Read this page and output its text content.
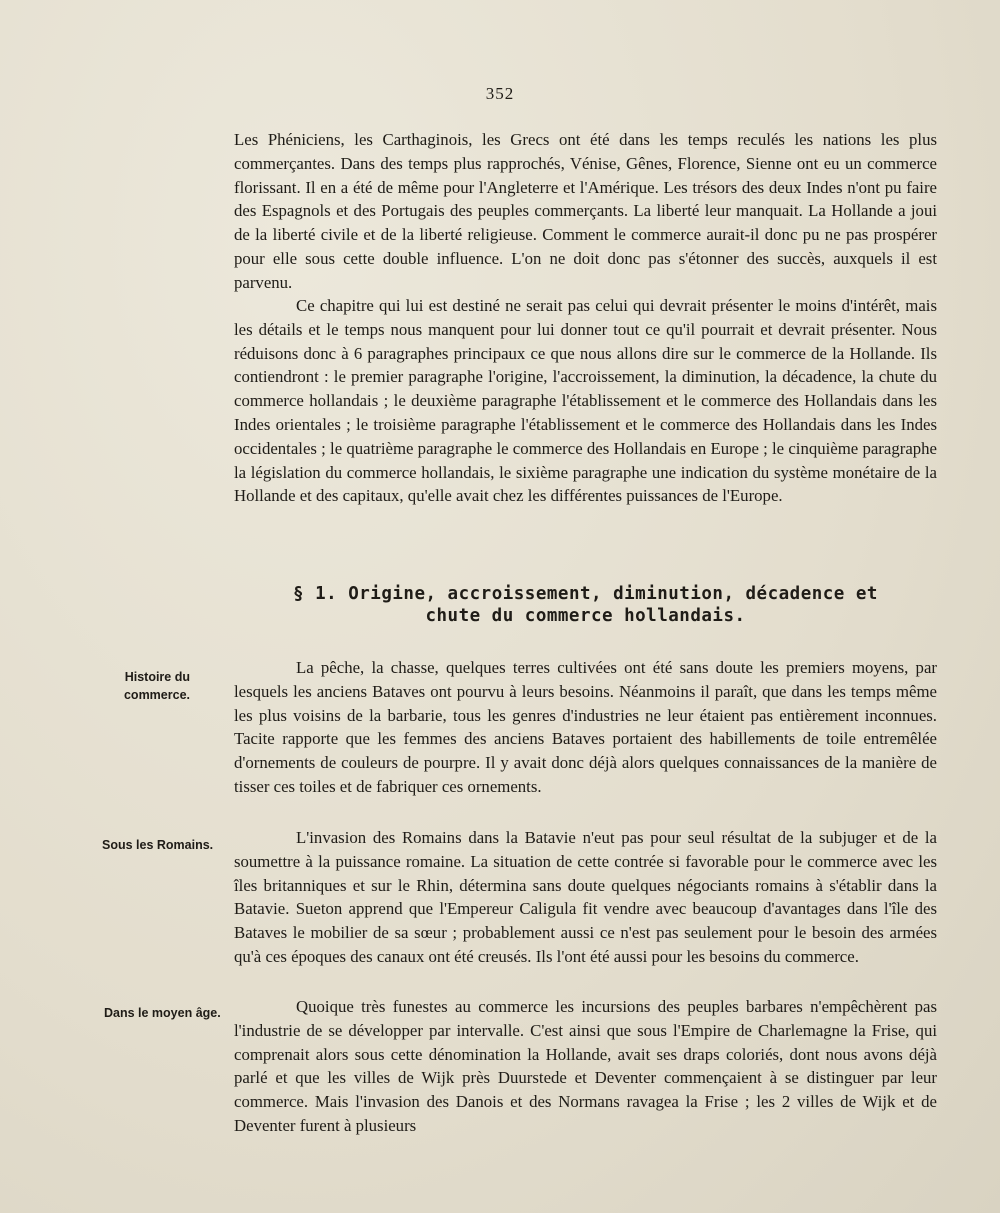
352

Les Phéniciens, les Carthaginois, les Grecs ont été dans les temps reculés les nations les plus commerçantes. Dans des temps plus rapprochés, Vénise, Gênes, Florence, Sienne ont eu un commerce florissant. Il en a été de même pour l'Angleterre et l'Amérique. Les trésors des deux Indes n'ont pu faire des Espagnols et des Portugais des peuples commerçants. La liberté leur manquait. La Hollande a joui de la liberté civile et de la liberté religieuse. Comment le commerce aurait-il donc pu ne pas prospérer pour elle sous cette double influence. L'on ne doit donc pas s'étonner des succès, auxquels il est parvenu.

Ce chapitre qui lui est destiné ne serait pas celui qui devrait présenter le moins d'intérêt, mais les détails et le temps nous manquent pour lui donner tout ce qu'il pourrait et devrait présenter. Nous réduisons donc à 6 paragraphes principaux ce que nous allons dire sur le commerce de la Hollande. Ils contiendront : le premier paragraphe l'origine, l'accroissement, la diminution, la décadence, la chute du commerce hollandais ; le deuxième paragraphe l'établissement et le commerce des Hollandais dans les Indes orientales ; le troisième paragraphe l'établissement et le commerce des Hollandais dans les Indes occidentales ; le quatrième paragraphe le commerce des Hollandais en Europe ; le cinquième paragraphe la législation du commerce hollandais, le sixième paragraphe une indication du système monétaire de la Hollande et des capitaux, qu'elle avait chez les différentes puissances de l'Europe.

§ 1. Origine, accroissement, diminution, décadence et
chute du commerce hollandais.
Histoire du commerce.

La pêche, la chasse, quelques terres cultivées ont été sans doute les premiers moyens, par lesquels les anciens Bataves ont pourvu à leurs besoins. Néanmoins il paraît, que dans les temps même les plus voisins de la barbarie, tous les genres d'industries ne leur étaient pas entièrement inconnues. Tacite rapporte que les femmes des anciens Bataves portaient des habillements de toile entremêlée d'ornements de couleurs de pourpre. Il y avait donc déjà alors quelques connaissances de la manière de tisser ces toiles et de fabriquer ces ornements.

Sous les Romains.	L'invasion des Romains dans la Batavie n'eut pas pour seul résultat de la subjuger et de la soumettre à la puissance romaine. La situation de cette contrée si favorable pour le commerce avec les îles britanniques et sur le Rhin, détermina sans doute quelques négociants romains à s'établir dans la Batavie. Sueton apprend que l'Empereur Caligula fit vendre avec beaucoup d'avantages dans l'île des Bataves le mobilier de sa sœur ; probablement aussi ce n'est pas seulement pour le besoin des armées qu'à ces époques des canaux ont été creusés. Ils l'ont été aussi pour les besoins du commerce.

Dans le moyen âge.	Quoique très funestes au commerce les incursions des peuples barbares n'empêchèrent pas l'industrie de se développer par intervalle. C'est ainsi que sous l'Empire de Charlemagne la Frise, qui comprenait alors sous cette dénomination la Hollande, avait ses draps coloriés, dont nous avons déjà parlé et que les villes de Wijk près Duurstede et Deventer commençaient à se distinguer par leur commerce. Mais l'invasion des Danois et des Normans ravagea la Frise ; les 2 villes de Wijk et de Deventer furent à plusieurs
